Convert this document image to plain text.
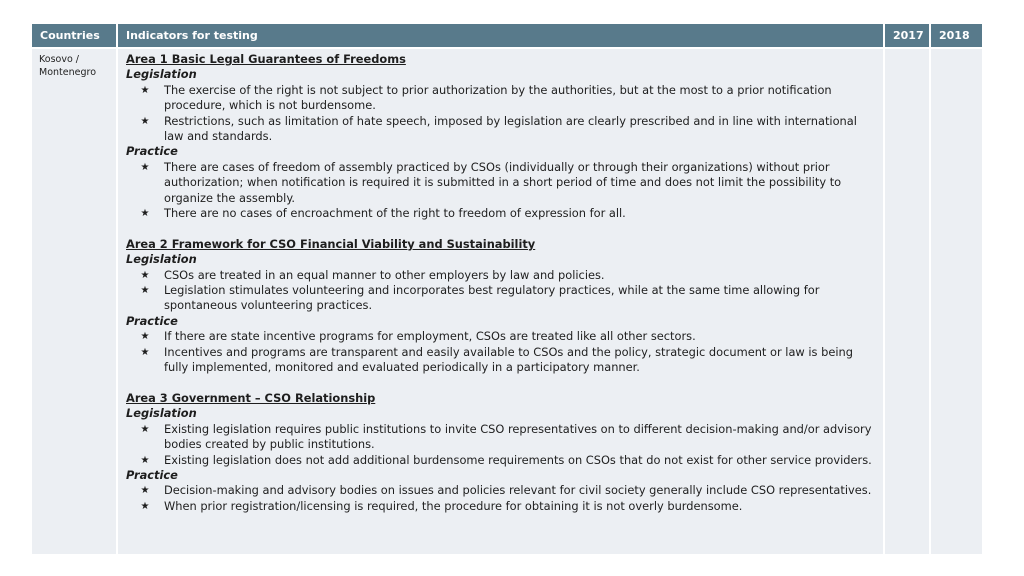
Countries	Indicators for testing	2017	2018
Kosovo / Montenegro
Area 1 Basic Legal Guarantees of Freedoms
Legislation
★	The exercise of the right is not subject to prior authorization by the authorities, but at the most to a prior notification procedure, which is not burdensome.
★	Restrictions, such as limitation of hate speech, imposed by legislation are clearly prescribed and in line with international law and standards.
Practice
★	There are cases of freedom of assembly practiced by CSOs (individually or through their organizations) without prior authorization; when notification is required it is submitted in a short period of time and does not limit the possibility to organize the assembly.
★	There are no cases of encroachment of the right to freedom of expression for all.
Area 2 Framework for CSO Financial Viability and Sustainability
Legislation
★	CSOs are treated in an equal manner to other employers by law and policies.
★	Legislation stimulates volunteering and incorporates best regulatory practices, while at the same time allowing for spontaneous volunteering practices.
Practice
★	If there are state incentive programs for employment, CSOs are treated like all other sectors.
★	Incentives and programs are transparent and easily available to CSOs and the policy, strategic document or law is being fully implemented, monitored and evaluated periodically in a participatory manner.
Area 3 Government – CSO Relationship
Legislation
★	Existing legislation requires public institutions to invite CSO representatives on to different decision-making and/or advisory bodies created by public institutions.
★	Existing legislation does not add additional burdensome requirements on CSOs that do not exist for other service providers.
Practice
★	Decision-making and advisory bodies on issues and policies relevant for civil society generally include CSO representatives.
★	When prior registration/licensing is required, the procedure for obtaining it is not overly burdensome.
